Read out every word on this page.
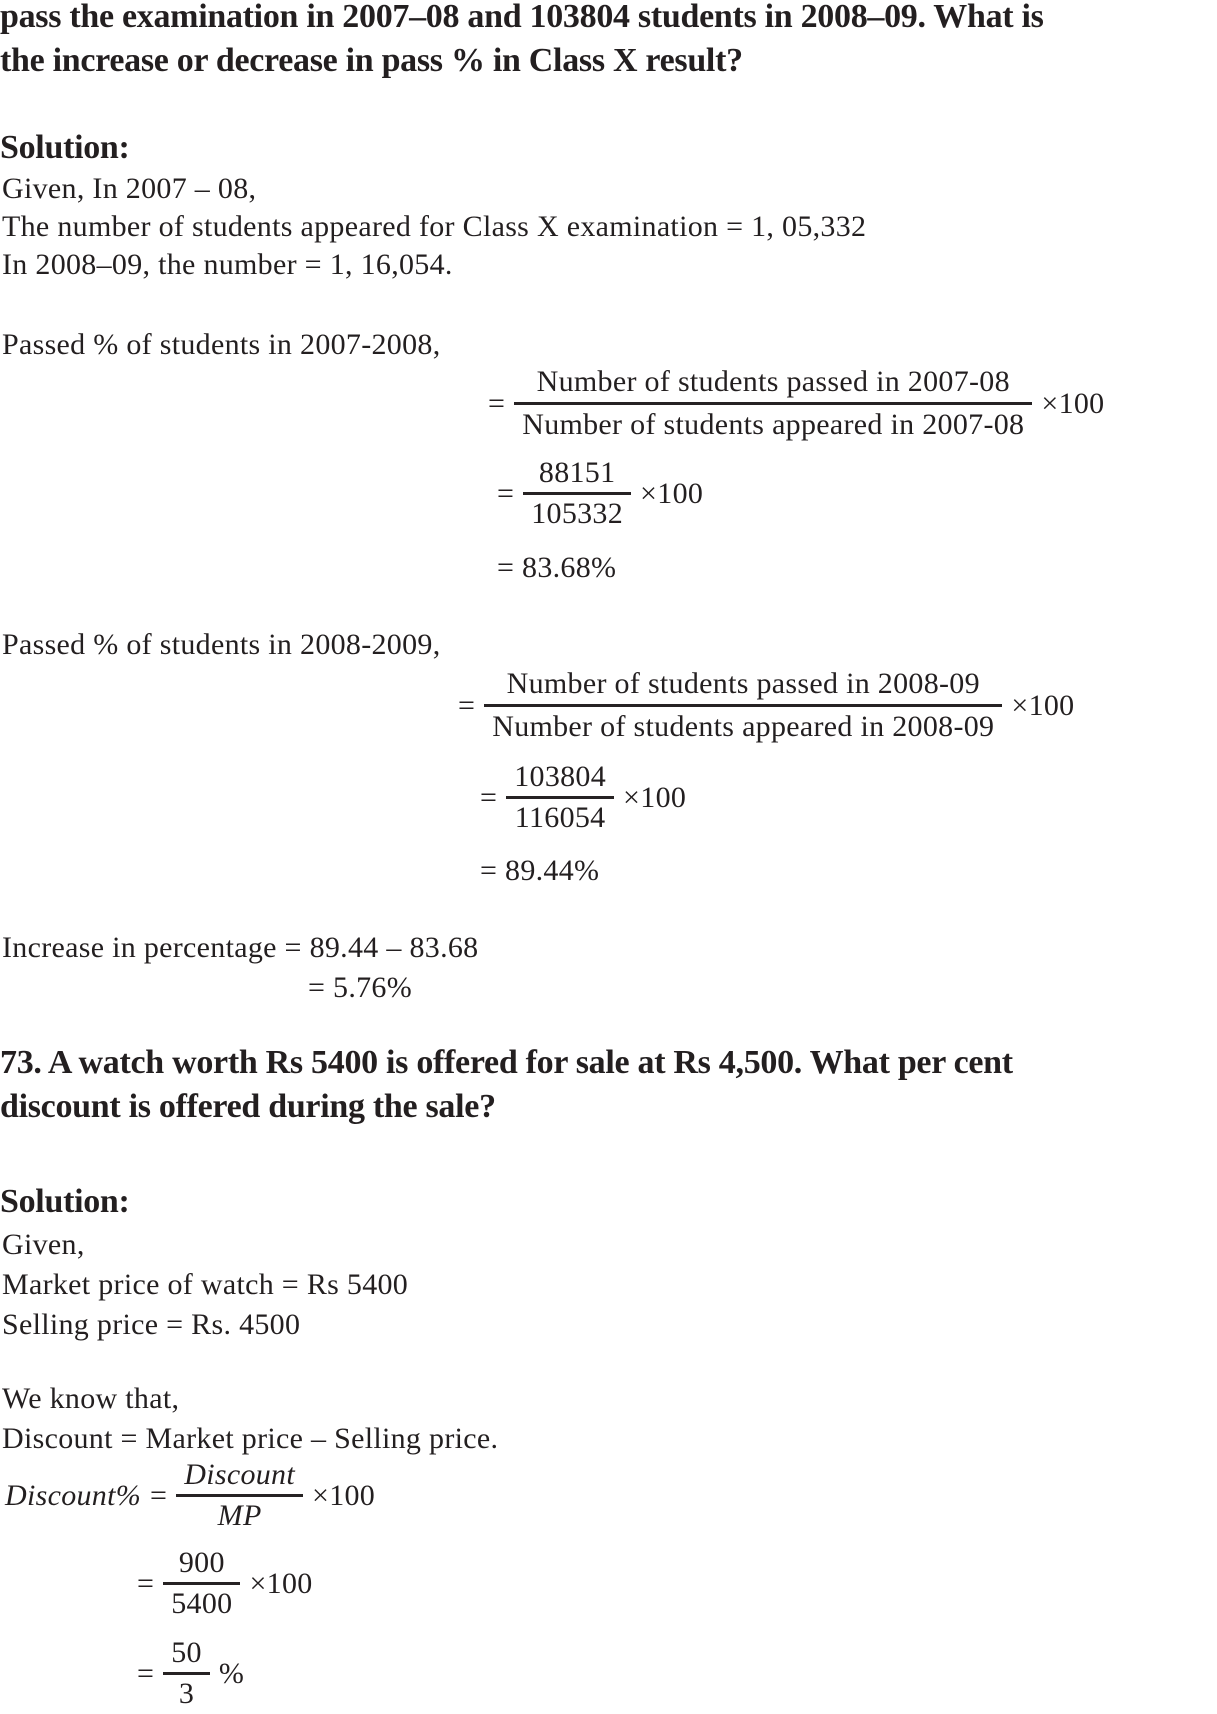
pass the examination in 2007–08 and 103804 students in 2008–09. What is
the increase or decrease in pass % in Class X result?
Solution:
Given, In 2007 – 08,
The number of students appeared for Class X examination = 1, 05,332
In 2008–09, the number = 1, 16,054.
Passed % of students in 2007-2008,
= $\frac{\text{Number of students passed in 2007-08}}{\text{Number of students appeared in 2007-08}} \times 100$
= $\frac{88151}{105332} \times 100$
= 83.68%
Passed % of students in 2008-2009,
= $\frac{\text{Number of students passed in 2008-09}}{\text{Number of students appeared in 2008-09}} \times 100$
= $\frac{103804}{116054} \times 100$
= 89.44%
Increase in percentage = 89.44 – 83.68
= 5.76%
73. A watch worth Rs 5400 is offered for sale at Rs 4,500. What per cent
discount is offered during the sale?
Solution:
Given,
Market price of watch = Rs 5400
Selling price = Rs. 4500
We know that,
Discount = Market price – Selling price.
Discount% = $\frac{\text{Discount}}{MP} \times 100$
= $\frac{900}{5400} \times 100$
= $\frac{50}{3}$ %
